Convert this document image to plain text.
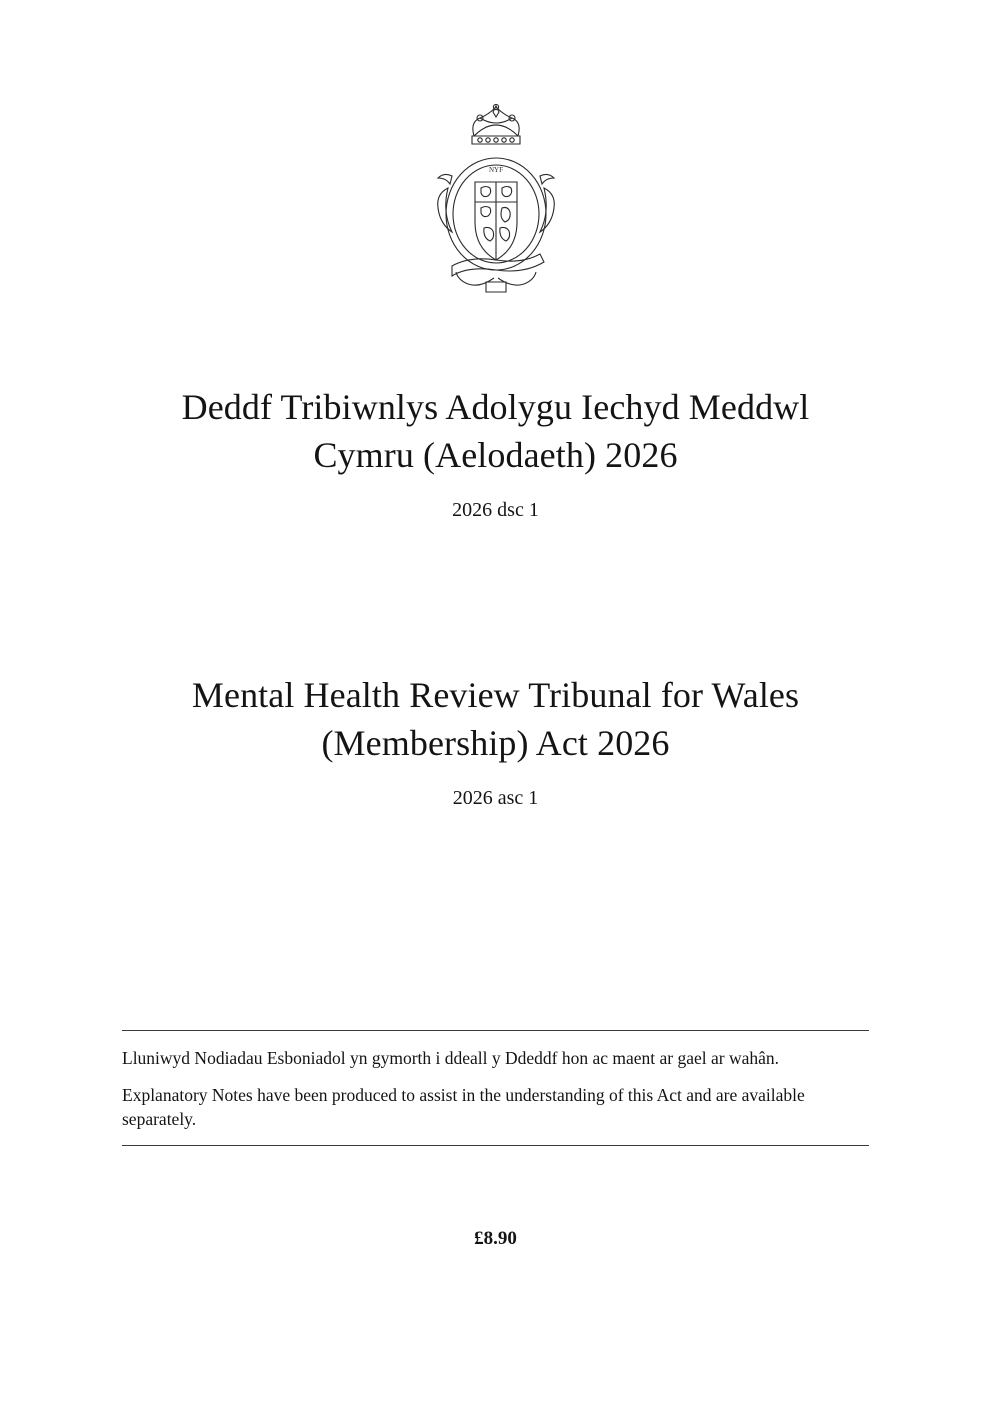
NYF
Deddf Tribiwnlys Adolygu Iechyd Meddwl Cymru (Aelodaeth) 2026
2026 dsc 1
Mental Health Review Tribunal for Wales (Membership) Act 2026
2026 asc 1

Lluniwyd Nodiadau Esboniadol yn gymorth i ddeall y Ddeddf hon ac maent ar gael ar wahân.

Explanatory Notes have been produced to assist in the understanding of this Act and are available separately.

£8.90
